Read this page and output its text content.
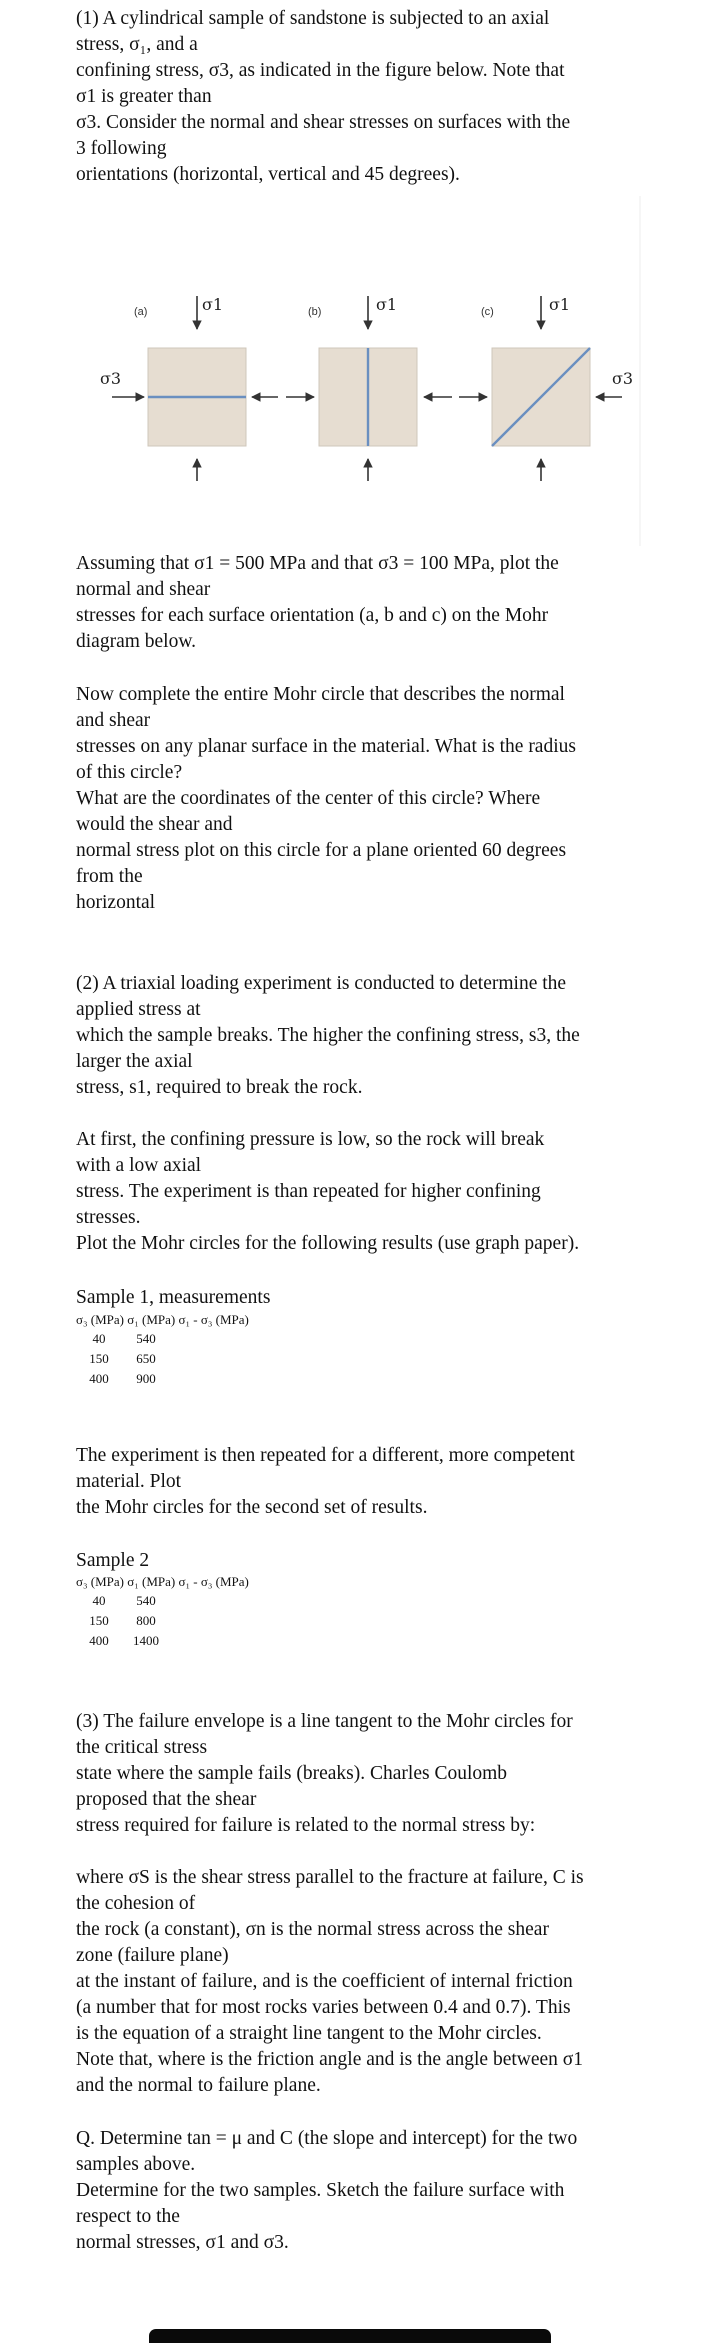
(1) A cylindrical sample of sandstone is subjected to an axial
stress, σ₁, and a
confining stress, σ3, as indicated in the figure below. Note that
σ1 is greater than
σ3. Consider the normal and shear stresses on surfaces with the
3 following
orientations (horizontal, vertical and 45 degrees).
(a)	(b)	(c)
σ1	σ1	σ1
σ3	σ3
Assuming that σ1 = 500 MPa and that σ3 = 100 MPa, plot the
normal and shear
stresses for each surface orientation (a, b and c) on the Mohr
diagram below.
Now complete the entire Mohr circle that describes the normal
and shear
stresses on any planar surface in the material. What is the radius
of this circle?
What are the coordinates of the center of this circle? Where
would the shear and
normal stress plot on this circle for a plane oriented 60 degrees
from the
horizontal
(2) A triaxial loading experiment is conducted to determine the
applied stress at
which the sample breaks. The higher the confining stress, s3, the
larger the axial
stress, s1, required to break the rock.
At first, the confining pressure is low, so the rock will break
with a low axial
stress. The experiment is than repeated for higher confining
stresses.
Plot the Mohr circles for the following results (use graph paper).
Sample 1, measurements
σ₃ (MPa) σ₁ (MPa) σ₁ - σ₃ (MPa)
40	540
150	650
400	900
The experiment is then repeated for a different, more competent
material. Plot
the Mohr circles for the second set of results.
Sample 2
σ₃ (MPa) σ₁ (MPa) σ₁ - σ₃ (MPa)
40	540
150	800
400	1400
(3) The failure envelope is a line tangent to the Mohr circles for
the critical stress
state where the sample fails (breaks). Charles Coulomb
proposed that the shear
stress required for failure is related to the normal stress by:
where σS is the shear stress parallel to the fracture at failure, C is
the cohesion of
the rock (a constant), σn is the normal stress across the shear
zone (failure plane)
at the instant of failure, and is the coefficient of internal friction
(a number that for most rocks varies between 0.4 and 0.7). This
is the equation of a straight line tangent to the Mohr circles.
Note that, where is the friction angle and is the angle between σ1
and the normal to failure plane.
Q. Determine tan = μ and C (the slope and intercept) for the two
samples above.
Determine for the two samples. Sketch the failure surface with
respect to the
normal stresses, σ1 and σ3.
